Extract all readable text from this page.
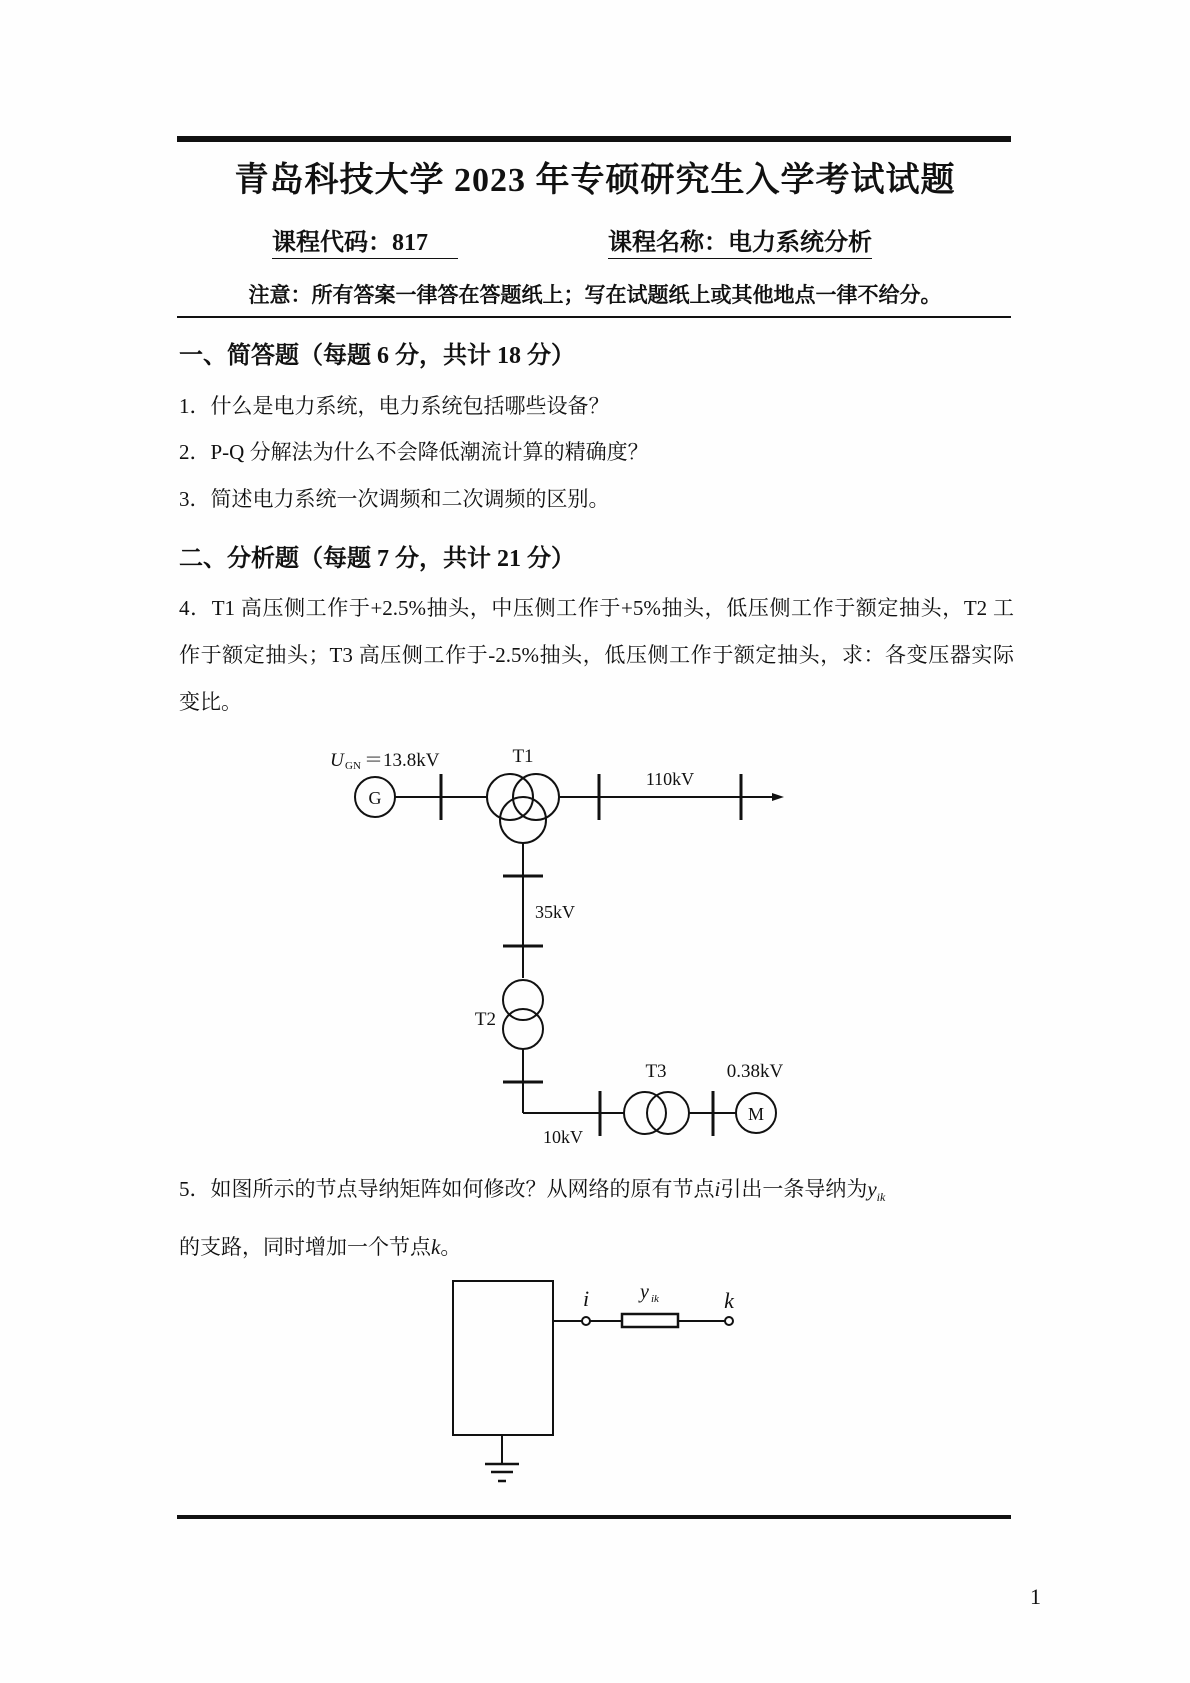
青岛科技大学 2023 年专硕研究生入学考试试题
课程代码：817	课程名称：电力系统分析
注意：所有答案一律答在答题纸上；写在试题纸上或其他地点一律不给分。
一、简答题（每题 6 分，共计 18 分）
1．什么是电力系统，电力系统包括哪些设备？
2．P-Q 分解法为什么不会降低潮流计算的精确度？
3．简述电力系统一次调频和二次调频的区别。
二、分析题（每题 7 分，共计 21 分）
4．T1 高压侧工作于+2.5%抽头，中压侧工作于+5%抽头，低压侧工作于额定抽头，T2 工作于额定抽头；T3 高压侧工作于-2.5%抽头，低压侧工作于额定抽头，求：各变压器实际变比。
U GN ＝13.8kV
G
T1
110kV
35kV
T2
T3	0.38kV
M
10kV
5．如图所示的节点导纳矩阵如何修改？从网络的原有节点i引出一条导纳为$y_{ik}$
的支路，同时增加一个节点k。
i	y ik	k
1
